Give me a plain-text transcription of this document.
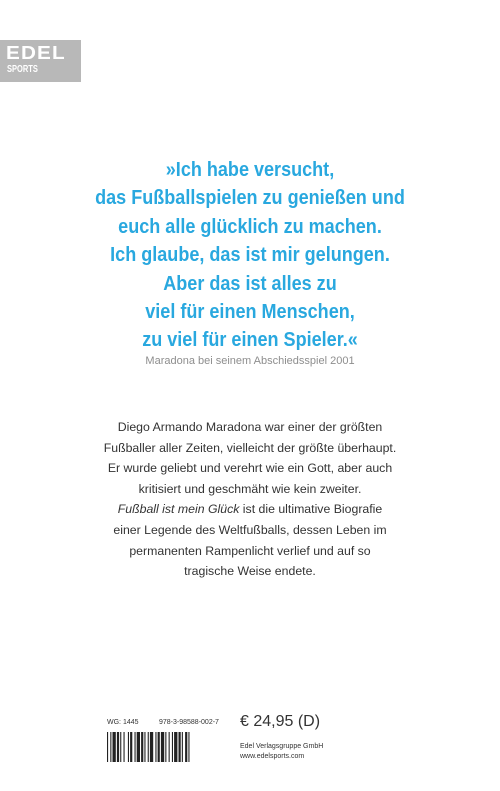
EDEL
SPORTS
»Ich habe versucht,
das Fußballspielen zu genießen und
euch alle glücklich zu machen.
Ich glaube, das ist mir gelungen.
Aber das ist alles zu
viel für einen Menschen,
zu viel für einen Spieler.«
Maradona bei seinem Abschiedsspiel 2001
Diego Armando Maradona war einer der größten
Fußballer aller Zeiten, vielleicht der größte überhaupt.
Er wurde geliebt und verehrt wie ein Gott, aber auch
kritisiert und geschmäht wie kein zweiter.
Fußball ist mein Glück ist die ultimative Biografie
einer Legende des Weltfußballs, dessen Leben im
permanenten Rampenlicht verlief und auf so
tragische Weise endete.
WG: 1445	978-3-98588-002-7 € 24,95 (D)
Edel Verlagsgruppe GmbH
www.edelsports.com
